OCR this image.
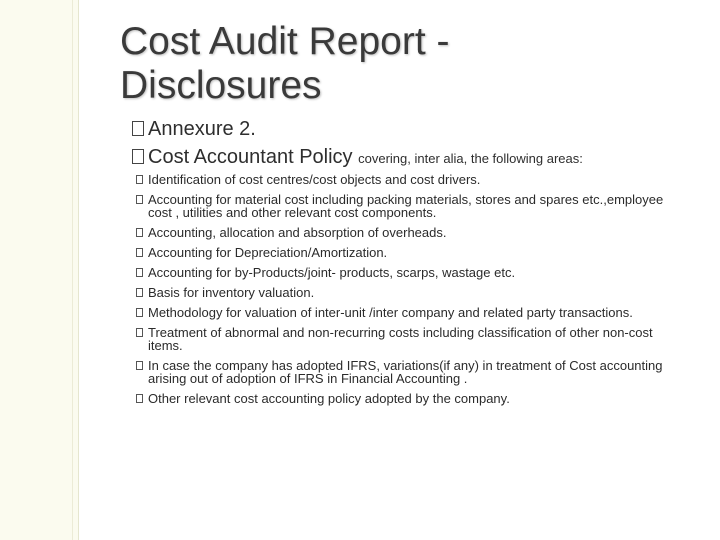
Cost Audit Report -
Disclosures
Annexure 2.
Cost Accountant Policy covering, inter alia, the following areas:
Identification of cost centres/cost objects and cost drivers.
Accounting for material cost including packing materials, stores and spares etc.,employee cost , utilities and other relevant cost components.
Accounting, allocation and absorption of overheads.
Accounting for Depreciation/Amortization.
Accounting for by-Products/joint- products, scarps, wastage etc.
Basis for inventory valuation.
Methodology for valuation of inter-unit /inter company and related party transactions.
Treatment of abnormal and non-recurring costs including classification of other non-cost items.
In case the company has adopted IFRS, variations(if any) in treatment of Cost accounting arising out of adoption of IFRS in Financial Accounting .
Other relevant cost accounting policy adopted by the company.
